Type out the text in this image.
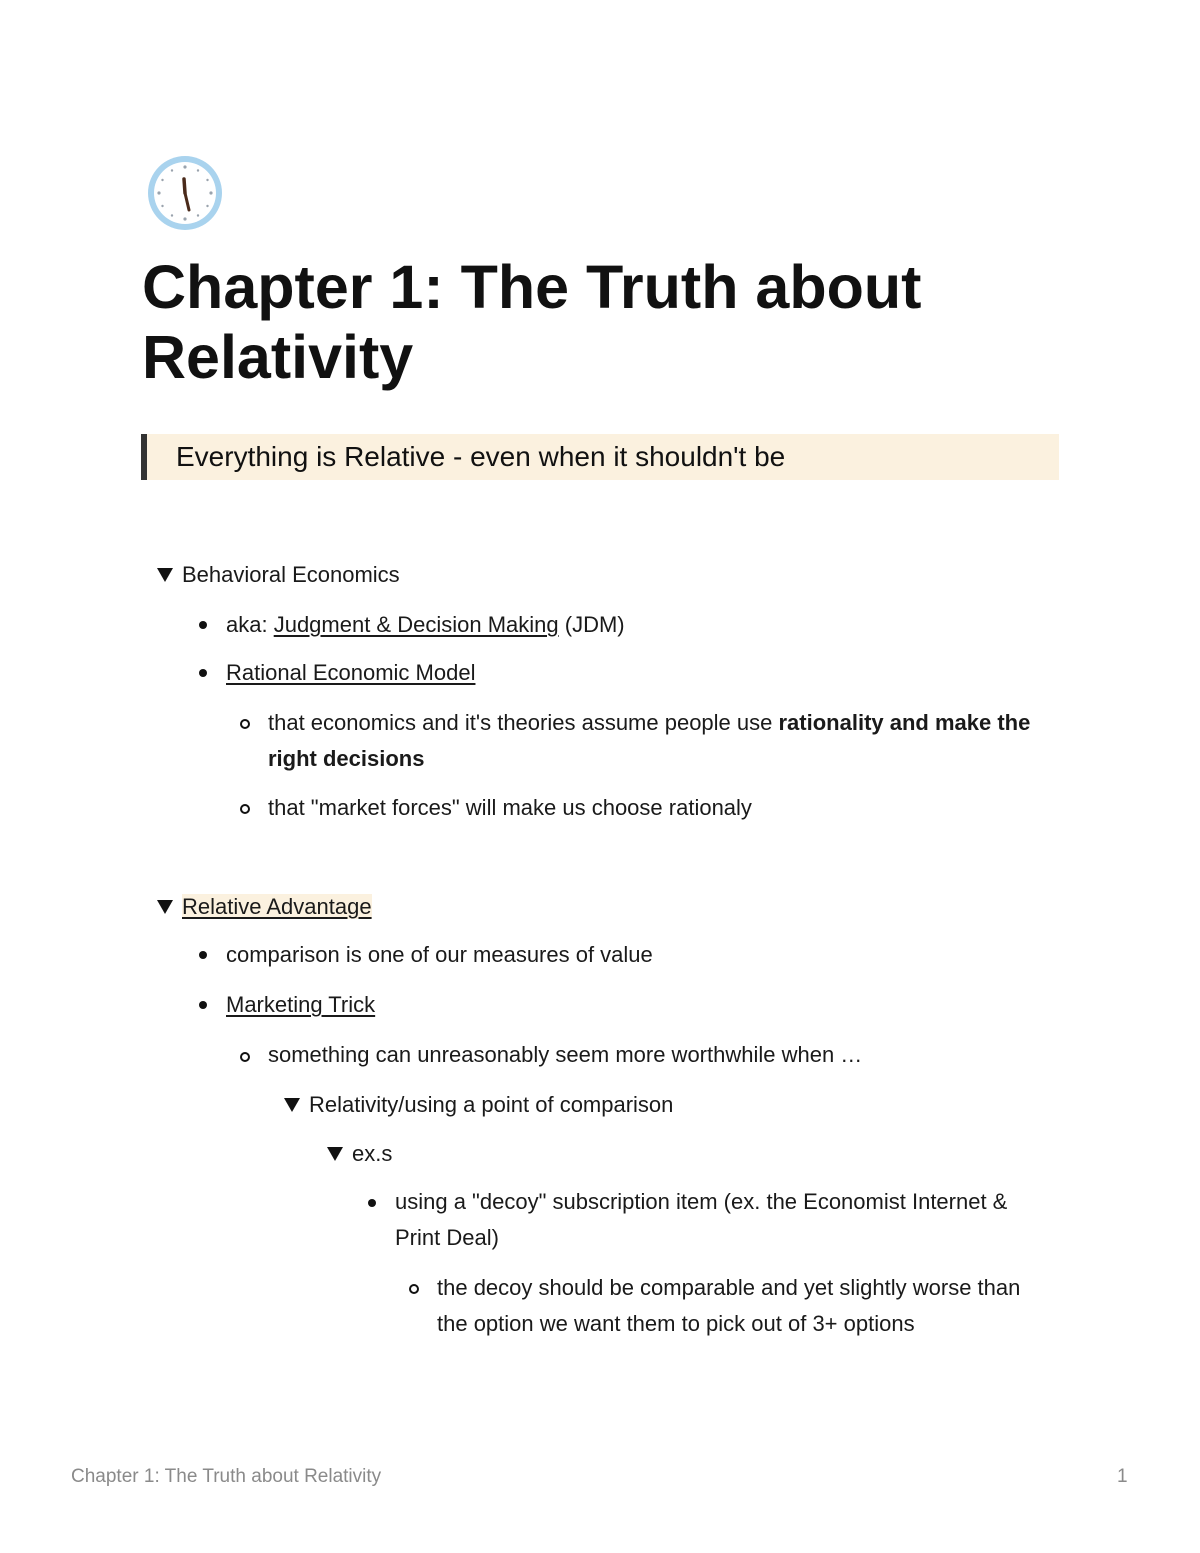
Chapter 1: The Truth about Relativity
Everything is Relative - even when it shouldn't be
Behavioral Economics
aka: Judgment & Decision Making (JDM)
Rational Economic Model
that economics and it's theories assume people use rationality and make the right decisions
that "market forces" will make us choose rationaly
Relative Advantage
comparison is one of our measures of value
Marketing Trick
something can unreasonably seem more worthwhile when …
Relativity/using a point of comparison
ex.s
using a "decoy" subscription item (ex. the Economist Internet & Print Deal)
the decoy should be comparable and yet slightly worse than the option we want them to pick out of 3+ options
Chapter 1: The Truth about Relativity	1
